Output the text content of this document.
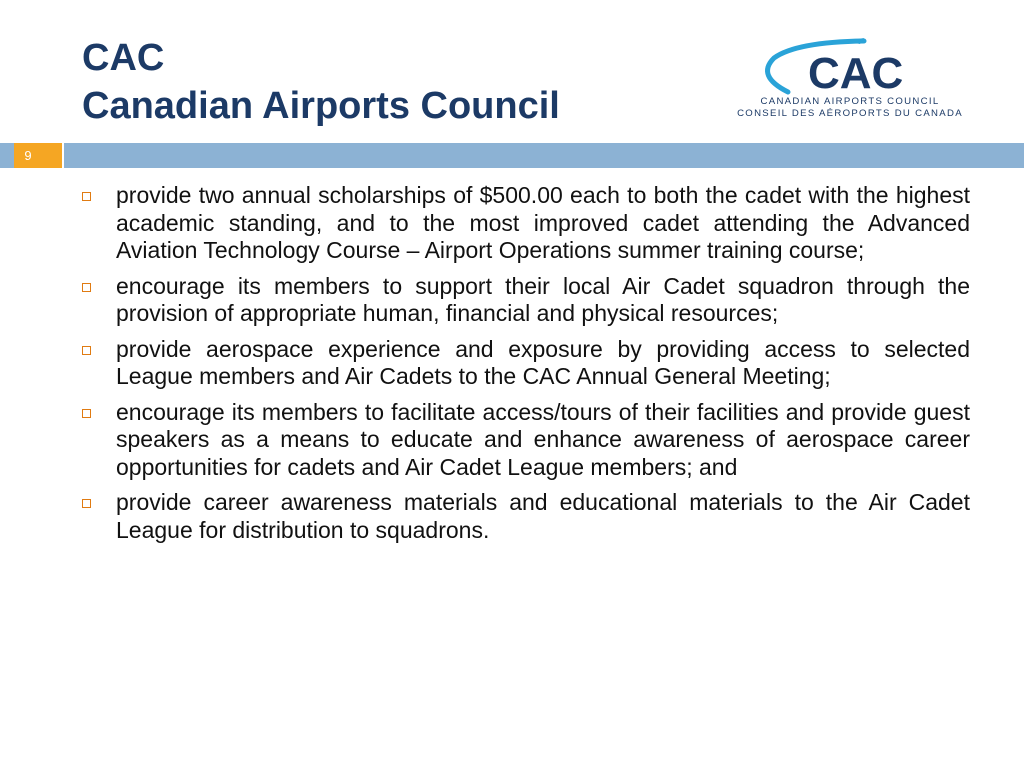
CAC
Canadian Airports Council
CAC
CANADIAN AIRPORTS COUNCIL
CONSEIL DES AÉROPORTS DU CANADA
9
provide two annual scholarships of $500.00 each to both the cadet with the highest academic standing, and to the most improved cadet attending the Advanced Aviation Technology Course – Airport Operations summer training course;
encourage its members to support their local Air Cadet squadron through the provision of appropriate human, financial and physical resources;
provide aerospace experience and exposure by providing access to selected League members and Air Cadets to the CAC Annual General Meeting;
encourage its members to facilitate access/tours of their facilities and provide guest speakers as a means to educate and enhance awareness of aerospace career opportunities for cadets and Air Cadet League members; and
provide career awareness materials and educational materials to the Air Cadet League for distribution to squadrons.
